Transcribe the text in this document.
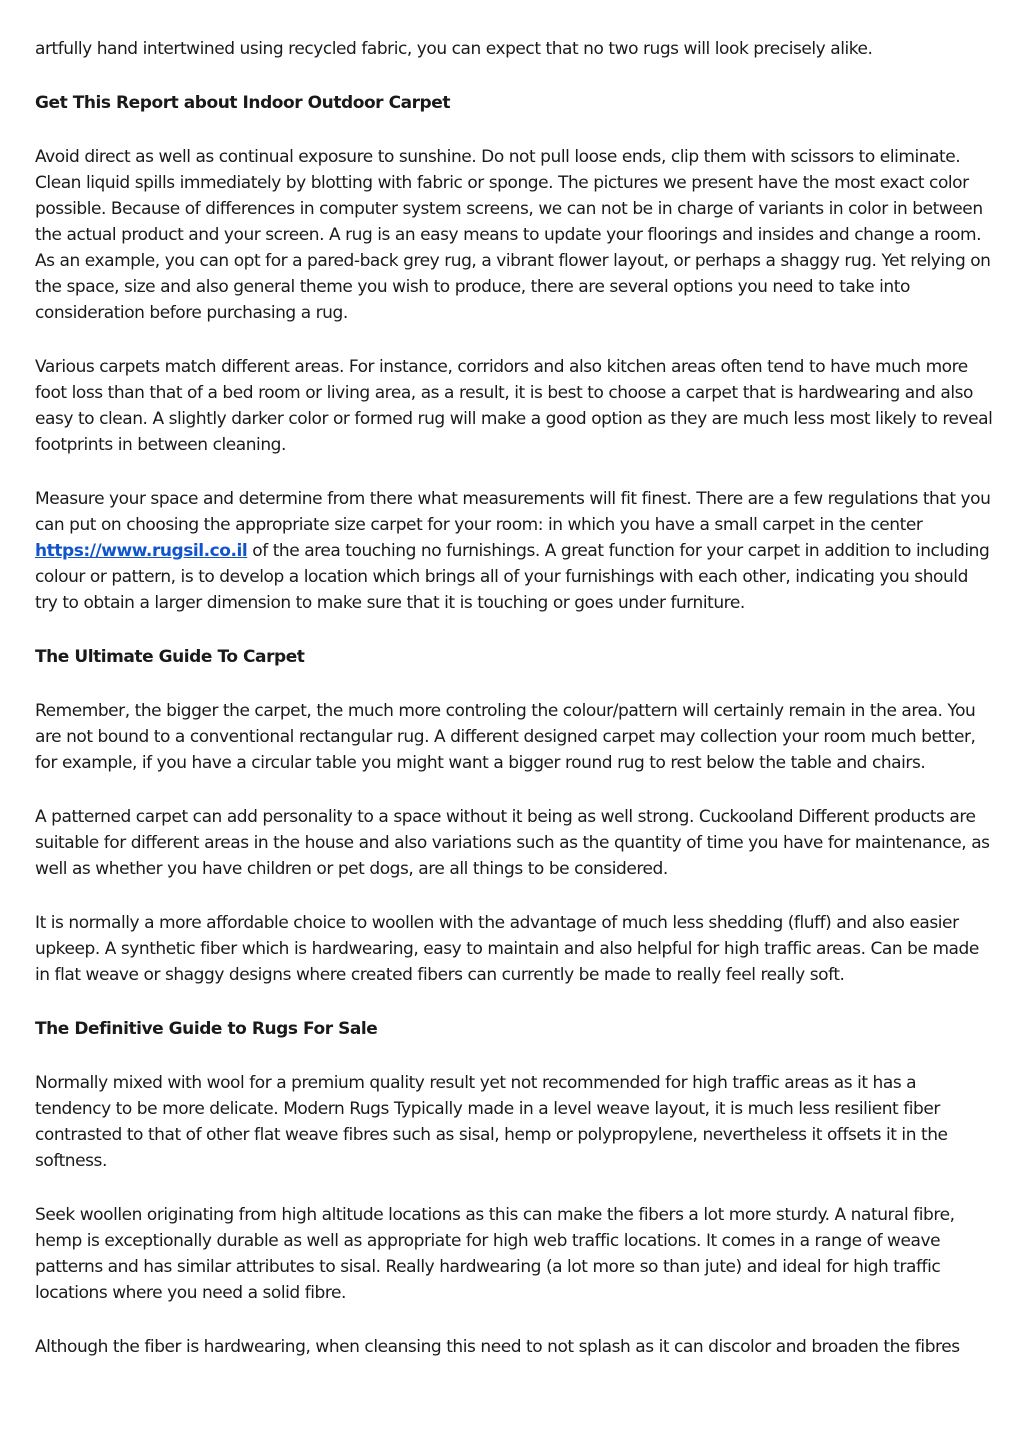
artfully hand intertwined using recycled fabric, you can expect that no two rugs will look precisely alike.

Get This Report about Indoor Outdoor Carpet

Avoid direct as well as continual exposure to sunshine. Do not pull loose ends, clip them with scissors to eliminate. Clean liquid spills immediately by blotting with fabric or sponge. The pictures we present have the most exact color possible. Because of differences in computer system screens, we can not be in charge of variants in color in between the actual product and your screen. A rug is an easy means to update your floorings and insides and change a room. As an example, you can opt for a pared-back grey rug, a vibrant flower layout, or perhaps a shaggy rug. Yet relying on the space, size and also general theme you wish to produce, there are several options you need to take into consideration before purchasing a rug.

Various carpets match different areas. For instance, corridors and also kitchen areas often tend to have much more foot loss than that of a bed room or living area, as a result, it is best to choose a carpet that is hardwearing and also easy to clean. A slightly darker color or formed rug will make a good option as they are much less most likely to reveal footprints in between cleaning.

Measure your space and determine from there what measurements will fit finest. There are a few regulations that you can put on choosing the appropriate size carpet for your room: in which you have a small carpet in the center https://www.rugsil.co.il of the area touching no furnishings. A great function for your carpet in addition to including colour or pattern, is to develop a location which brings all of your furnishings with each other, indicating you should try to obtain a larger dimension to make sure that it is touching or goes under furniture.

The Ultimate Guide To Carpet

Remember, the bigger the carpet, the much more controling the colour/pattern will certainly remain in the area. You are not bound to a conventional rectangular rug. A different designed carpet may collection your room much better, for example, if you have a circular table you might want a bigger round rug to rest below the table and chairs.

A patterned carpet can add personality to a space without it being as well strong. Cuckooland Different products are suitable for different areas in the house and also variations such as the quantity of time you have for maintenance, as well as whether you have children or pet dogs, are all things to be considered.

It is normally a more affordable choice to woollen with the advantage of much less shedding (fluff) and also easier upkeep. A synthetic fiber which is hardwearing, easy to maintain and also helpful for high traffic areas. Can be made in flat weave or shaggy designs where created fibers can currently be made to really feel really soft.

The Definitive Guide to Rugs For Sale

Normally mixed with wool for a premium quality result yet not recommended for high traffic areas as it has a tendency to be more delicate. Modern Rugs Typically made in a level weave layout, it is much less resilient fiber contrasted to that of other flat weave fibres such as sisal, hemp or polypropylene, nevertheless it offsets it in the softness.

Seek woollen originating from high altitude locations as this can make the fibers a lot more sturdy. A natural fibre, hemp is exceptionally durable as well as appropriate for high web traffic locations. It comes in a range of weave patterns and has similar attributes to sisal. Really hardwearing (a lot more so than jute) and ideal for high traffic locations where you need a solid fibre.

Although the fiber is hardwearing, when cleansing this need to not splash as it can discolor and broaden the fibres
